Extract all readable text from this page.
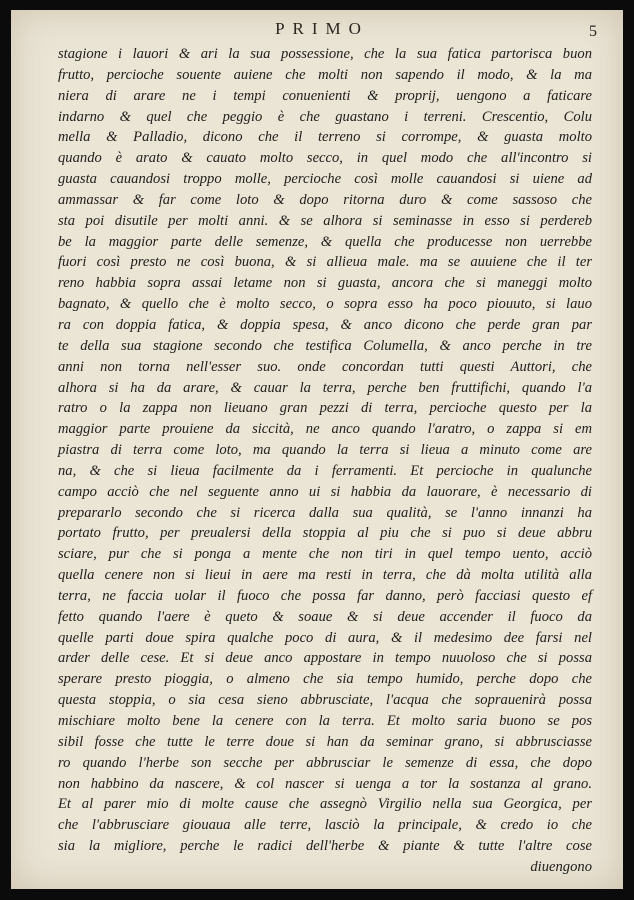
PRIMO	5
stagione i lauori & ari la sua possessione, che la sua fatica partorisca buon
frutto, percioche souente auiene che molti non sapendo il modo, & la ma
niera di arare ne i tempi conuenienti & proprij, uengono a faticare
indarno & quel che peggio è che guastano i terreni. Crescentio, Colu
mella & Palladio, dicono che il terreno si corrompe, & guasta molto
quando è arato & cauato molto secco, in quel modo che all'incontro si
guasta cauandosi troppo molle, percioche così molle cauandosi si uiene ad
ammassar & far come loto & dopo ritorna duro & come sassoso che
sta poi disutile per molti anni. & se alhora si seminasse in esso si perdereb
be la maggior parte delle semenze, & quella che producesse non uerrebbe
fuori così presto ne così buona, & si allieua male. ma se auuiene che il ter
reno habbia sopra assai letame non si guasta, ancora che si maneggi molto
bagnato, & quello che è molto secco, o sopra esso ha poco piouuto, si lauo
ra con doppia fatica, & doppia spesa, & anco dicono che perde gran par
te della sua stagione secondo che testifica Columella, & anco perche in tre
anni non torna nell'esser suo. onde concordan tutti questi Auttori, che
alhora si ha da arare, & cauar la terra, perche ben fruttifichi, quando l'a
ratro o la zappa non lieuano gran pezzi di terra, percioche questo per la
maggior parte prouiene da siccità, ne anco quando l'aratro, o zappa si em
piastra di terra come loto, ma quando la terra si lieua a minuto come are
na, & che si lieua facilmente da i ferramenti. Et percioche in qualunche
campo acciò che nel seguente anno ui si habbia da lauorare, è necessario di
prepararlo secondo che si ricerca dalla sua qualità, se l'anno innanzi ha
portato frutto, per preualersi della stoppia al piu che si puo si deue abbru
sciare, pur che si ponga a mente che non tiri in quel tempo uento, acciò
quella cenere non si lieui in aere ma resti in terra, che dà molta utilità alla
terra, ne faccia uolar il fuoco che possa far danno, però facciasi questo ef
fetto quando l'aere è queto & soaue & si deue accender il fuoco da
quelle parti doue spira qualche poco di aura, & il medesimo dee farsi nel
arder delle cese. Et si deue anco appostare in tempo nuuoloso che si possa
sperare presto pioggia, o almeno che sia tempo humido, perche dopo che
questa stoppia, o sia cesa sieno abbrusciate, l'acqua che soprauenirà possa
mischiare molto bene la cenere con la terra. Et molto saria buono se pos
sibil fosse che tutte le terre doue si han da seminar grano, si abbrusciasse
ro quando l'herbe son secche per abbrusciar le semenze di essa, che dopo
non habbino da nascere, & col nascer si uenga a tor la sostanza al grano.
Et al parer mio di molte cause che assegnò Virgilio nella sua Georgica, per
che l'abbrusciare giouaua alle terre, lasciò la principale, & credo io che
sia la migliore, perche le radici dell'herbe & piante & tutte l'altre cose
diuengono
